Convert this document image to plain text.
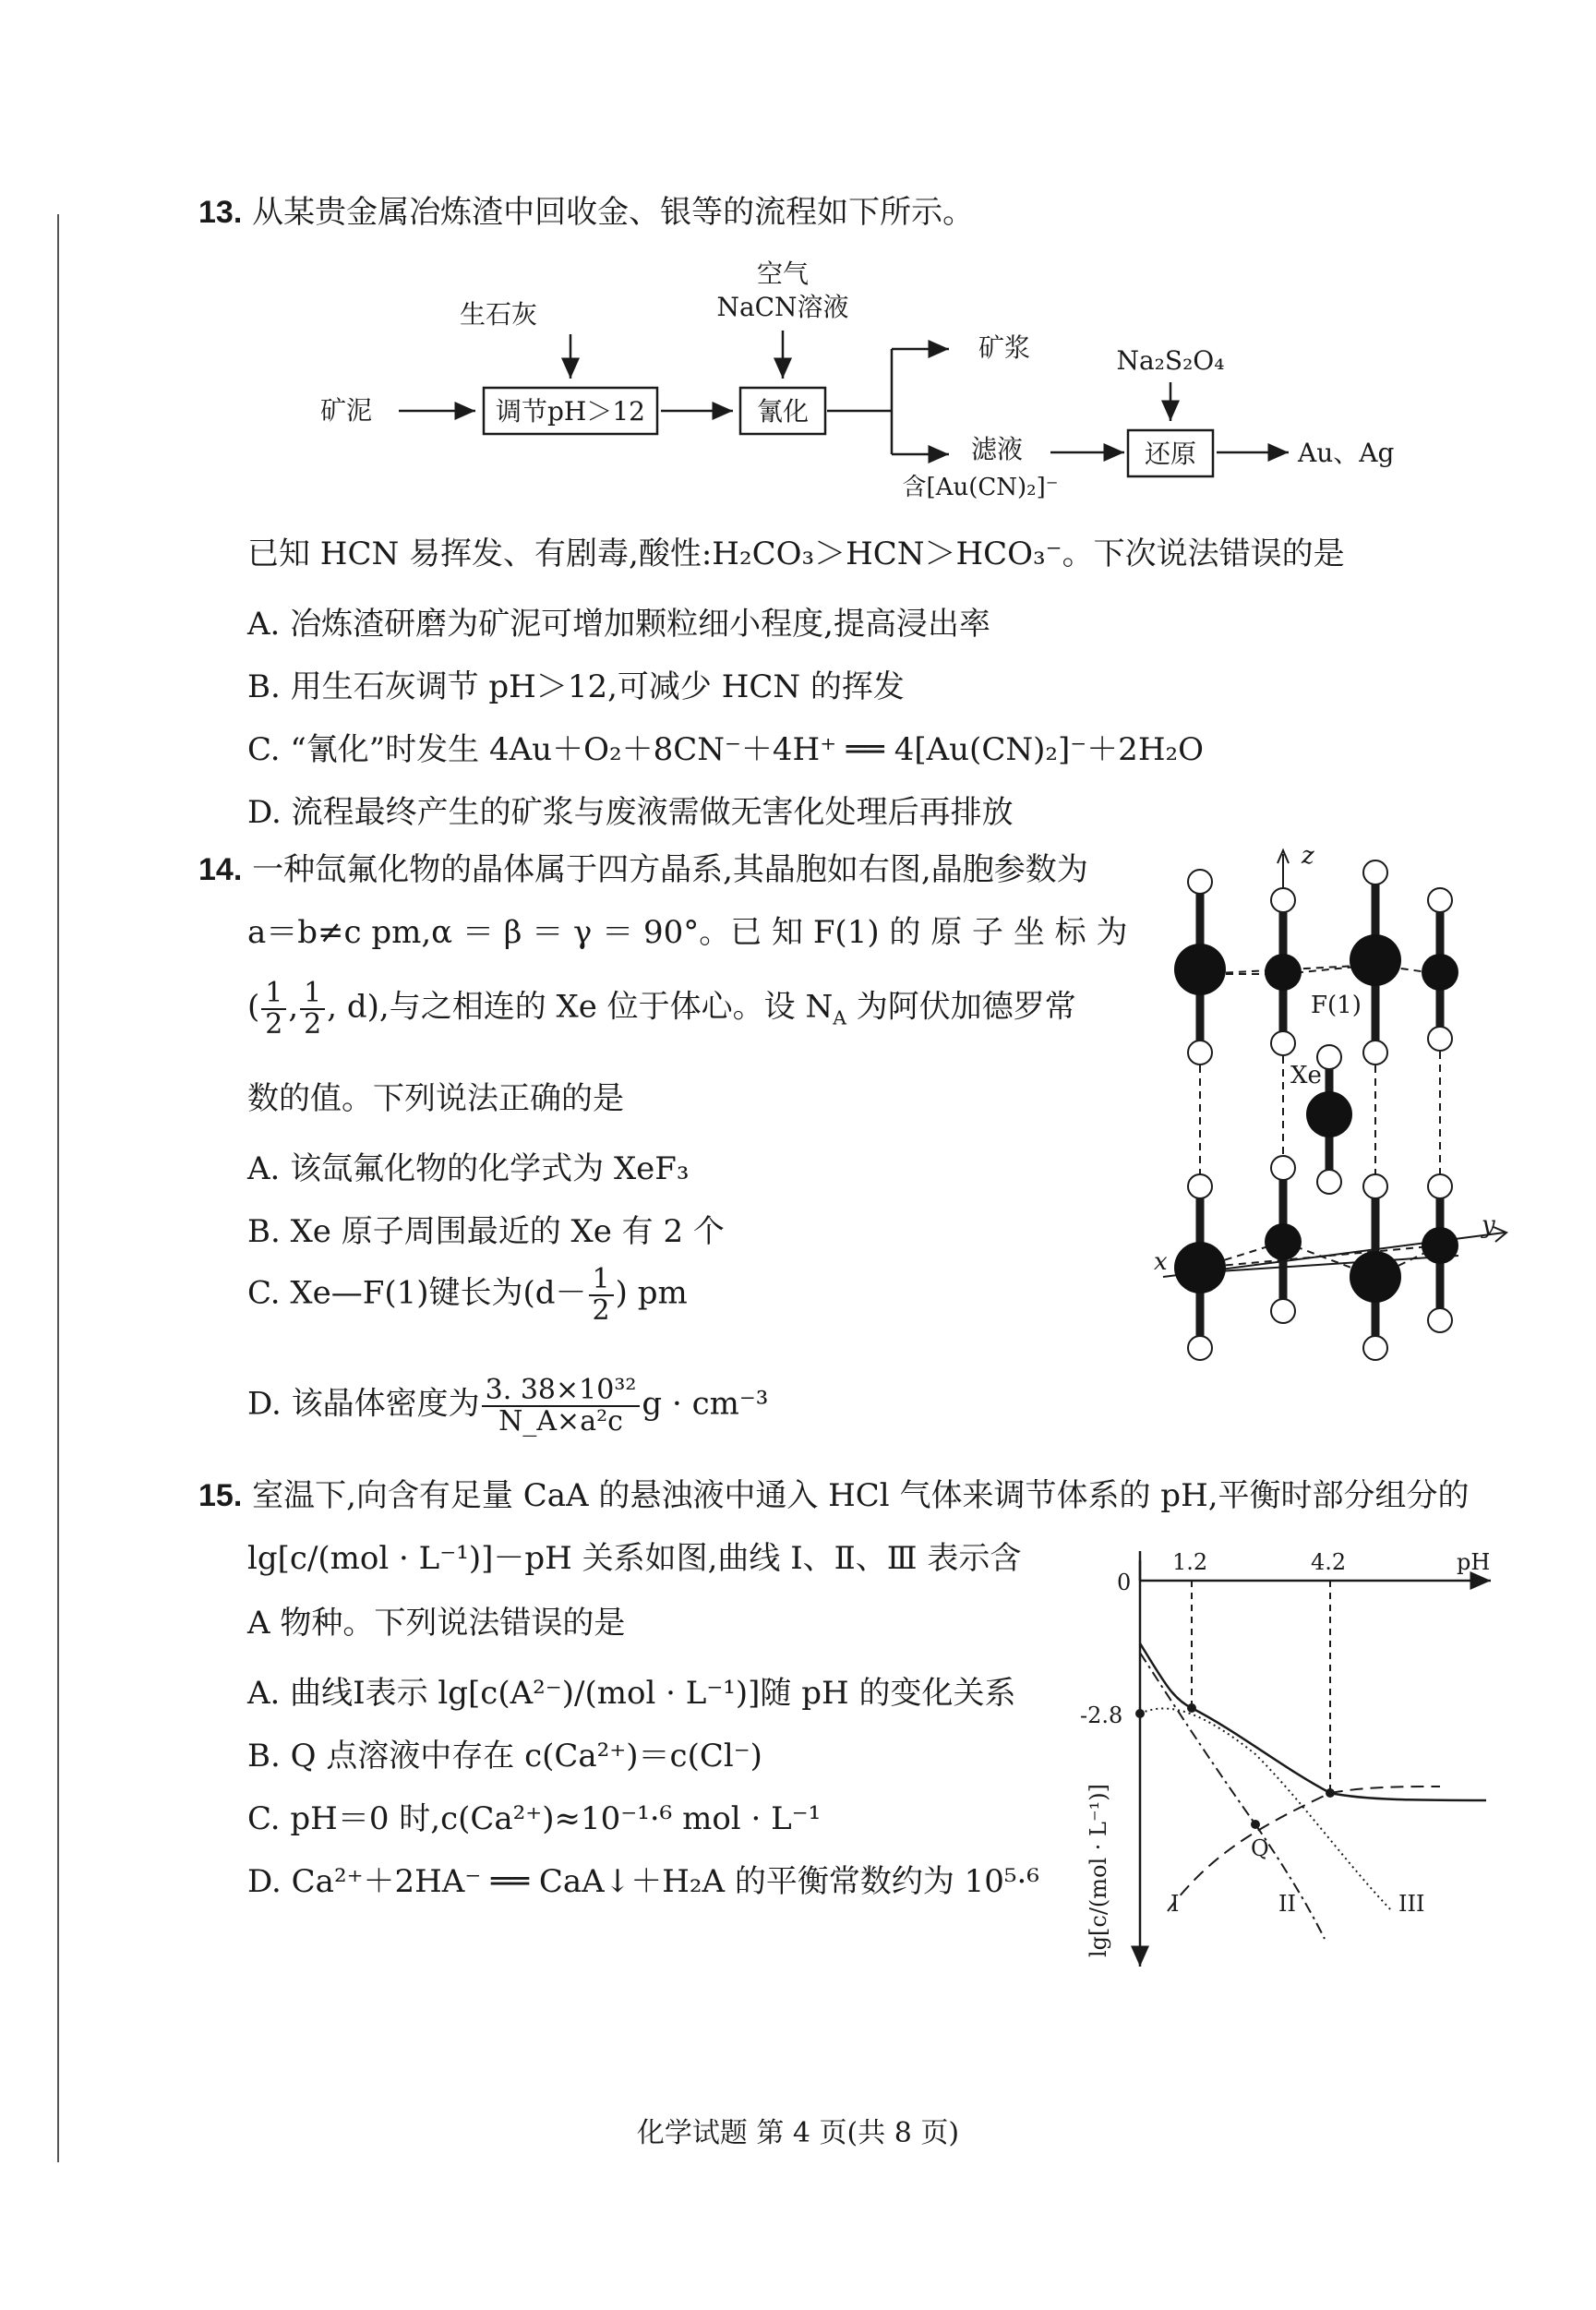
13. 从某贵金属冶炼渣中回收金、银等的流程如下所示。
生石灰
空气
NaCN溶液
矿泥	调节pH＞12	氰化
矿浆
滤液
含[Au(CN)₂]⁻
Na₂S₂O₄
还原	Au、Ag
已知 HCN 易挥发、有剧毒,酸性:H₂CO₃＞HCN＞HCO₃⁻。下次说法错误的是
A. 冶炼渣研磨为矿泥可增加颗粒细小程度,提高浸出率
B. 用生石灰调节 pH＞12,可减少 HCN 的挥发
C. “氰化”时发生 4Au＋O₂＋8CN⁻＋4H⁺ ══ 4[Au(CN)₂]⁻＋2H₂O
D. 流程最终产生的矿浆与废液需做无害化处理后再排放
14. 一种氙氟化物的晶体属于四方晶系,其晶胞如右图,晶胞参数为
a＝b≠c pm,α ＝ β ＝ γ ＝ 90°。已 知 F(1) 的 原 子 坐 标 为
( $\frac{1}{2}$ , $\frac{1}{2}$ , d),与之相连的 Xe 位于体心。设 $N_A$ 为阿伏加德罗常
数的值。下列说法正确的是
A. 该氙氟化物的化学式为 XeF₃
B. Xe 原子周围最近的 Xe 有 2 个
C. Xe—F(1)键长为($d- \frac{1}{2}$ ) pm
D. 该晶体密度为 $\frac{\text{3. 38×10³²}}{\text{N\_A×a²c}}$ g · cm⁻³
z
x
y
F(1)
Xe
15. 室温下,向含有足量 CaA 的悬浊液中通入 HCl 气体来调节体系的 pH,平衡时部分组分的
lg[c/(mol · L⁻¹)]－pH 关系如图,曲线 Ⅰ、Ⅱ、Ⅲ 表示含
A 物种。下列说法错误的是
A. 曲线Ⅰ表示 lg[c(A²⁻)/(mol · L⁻¹)]随 pH 的变化关系
B. Q 点溶液中存在 c(Ca²⁺)＝c(Cl⁻)
C. pH＝0 时,c(Ca²⁺)≈10⁻¹·⁶ mol · L⁻¹
D. Ca²⁺＋2HA⁻ ══ CaA↓＋H₂A 的平衡常数约为 10⁵·⁶
0
1.2	4.2	pH
-2.8
Q
I	II	III
lg[c/(mol · L⁻¹)]
化学试题 第 4 页(共 8 页)
